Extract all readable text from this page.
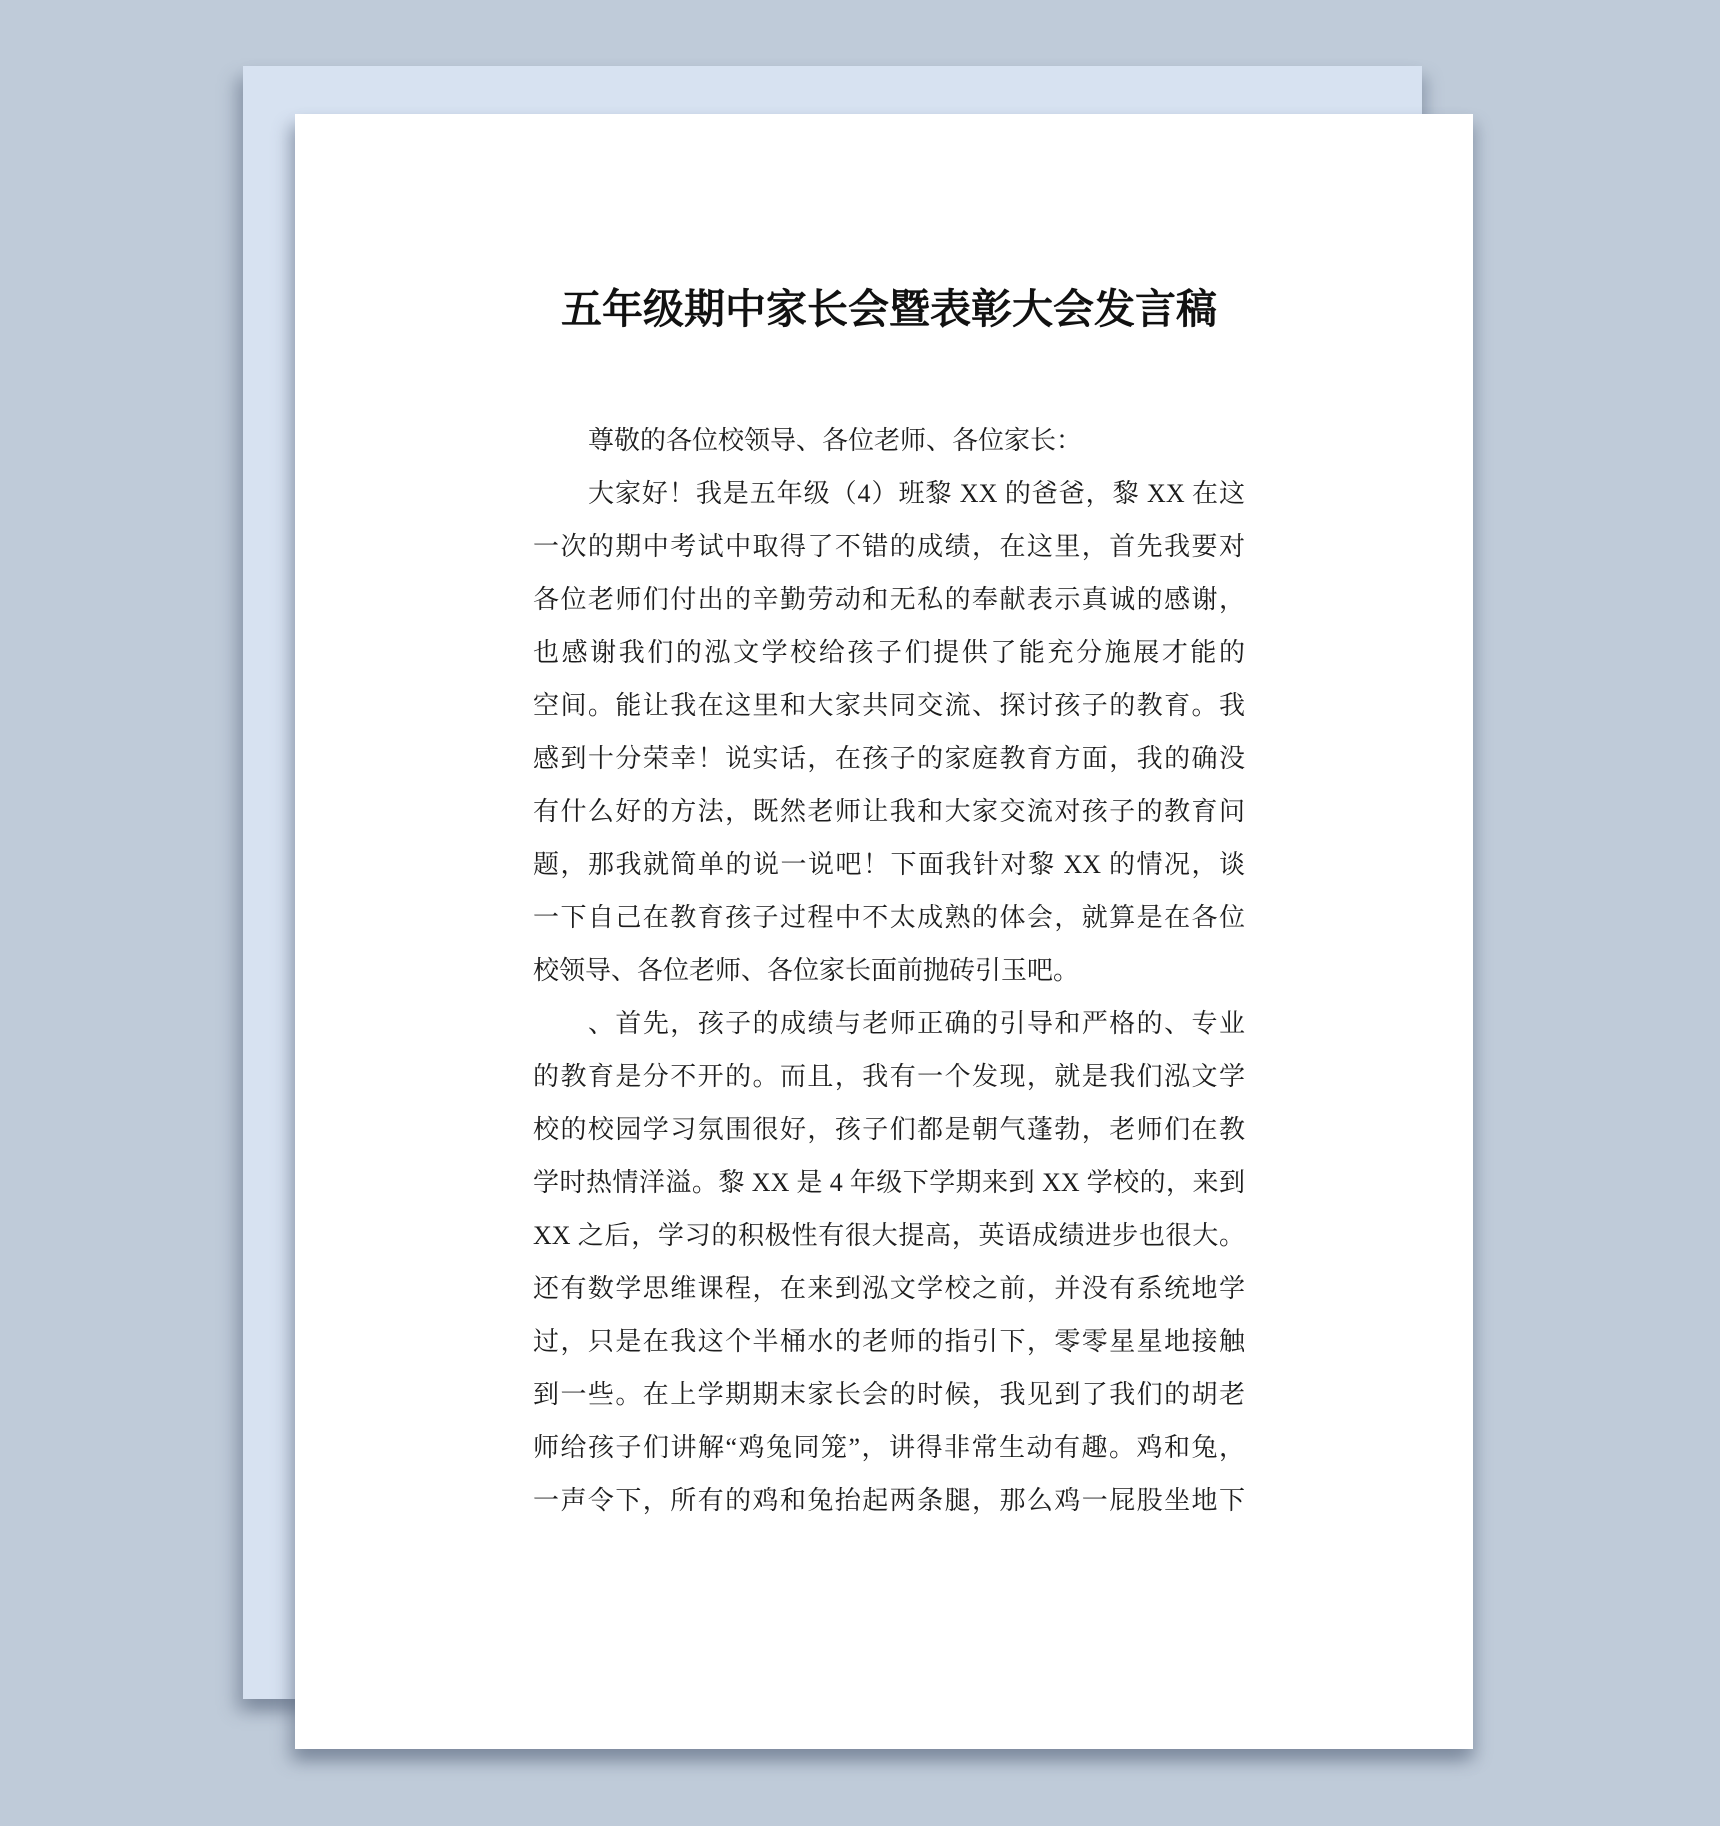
五年级期中家长会暨表彰大会发言稿
尊敬的各位校领导、各位老师、各位家长：
大家好！我是五年级（4）班黎 XX 的爸爸，黎 XX 在这
一次的期中考试中取得了不错的成绩，在这里，首先我要对
各位老师们付出的辛勤劳动和无私的奉献表示真诚的感谢，
也感谢我们的泓文学校给孩子们提供了能充分施展才能的
空间。能让我在这里和大家共同交流、探讨孩子的教育。我
感到十分荣幸！说实话，在孩子的家庭教育方面，我的确没
有什么好的方法，既然老师让我和大家交流对孩子的教育问
题，那我就简单的说一说吧！下面我针对黎 XX 的情况，谈
一下自己在教育孩子过程中不太成熟的体会，就算是在各位
校领导、各位老师、各位家长面前抛砖引玉吧。
、首先，孩子的成绩与老师正确的引导和严格的、专业
的教育是分不开的。而且，我有一个发现，就是我们泓文学
校的校园学习氛围很好，孩子们都是朝气蓬勃，老师们在教
学时热情洋溢。黎 XX 是 4 年级下学期来到 XX 学校的，来到
XX 之后，学习的积极性有很大提高，英语成绩进步也很大。
还有数学思维课程，在来到泓文学校之前，并没有系统地学
过，只是在我这个半桶水的老师的指引下，零零星星地接触
到一些。在上学期期末家长会的时候，我见到了我们的胡老
师给孩子们讲解“鸡兔同笼”，讲得非常生动有趣。鸡和兔，
一声令下，所有的鸡和兔抬起两条腿，那么鸡一屁股坐地下
